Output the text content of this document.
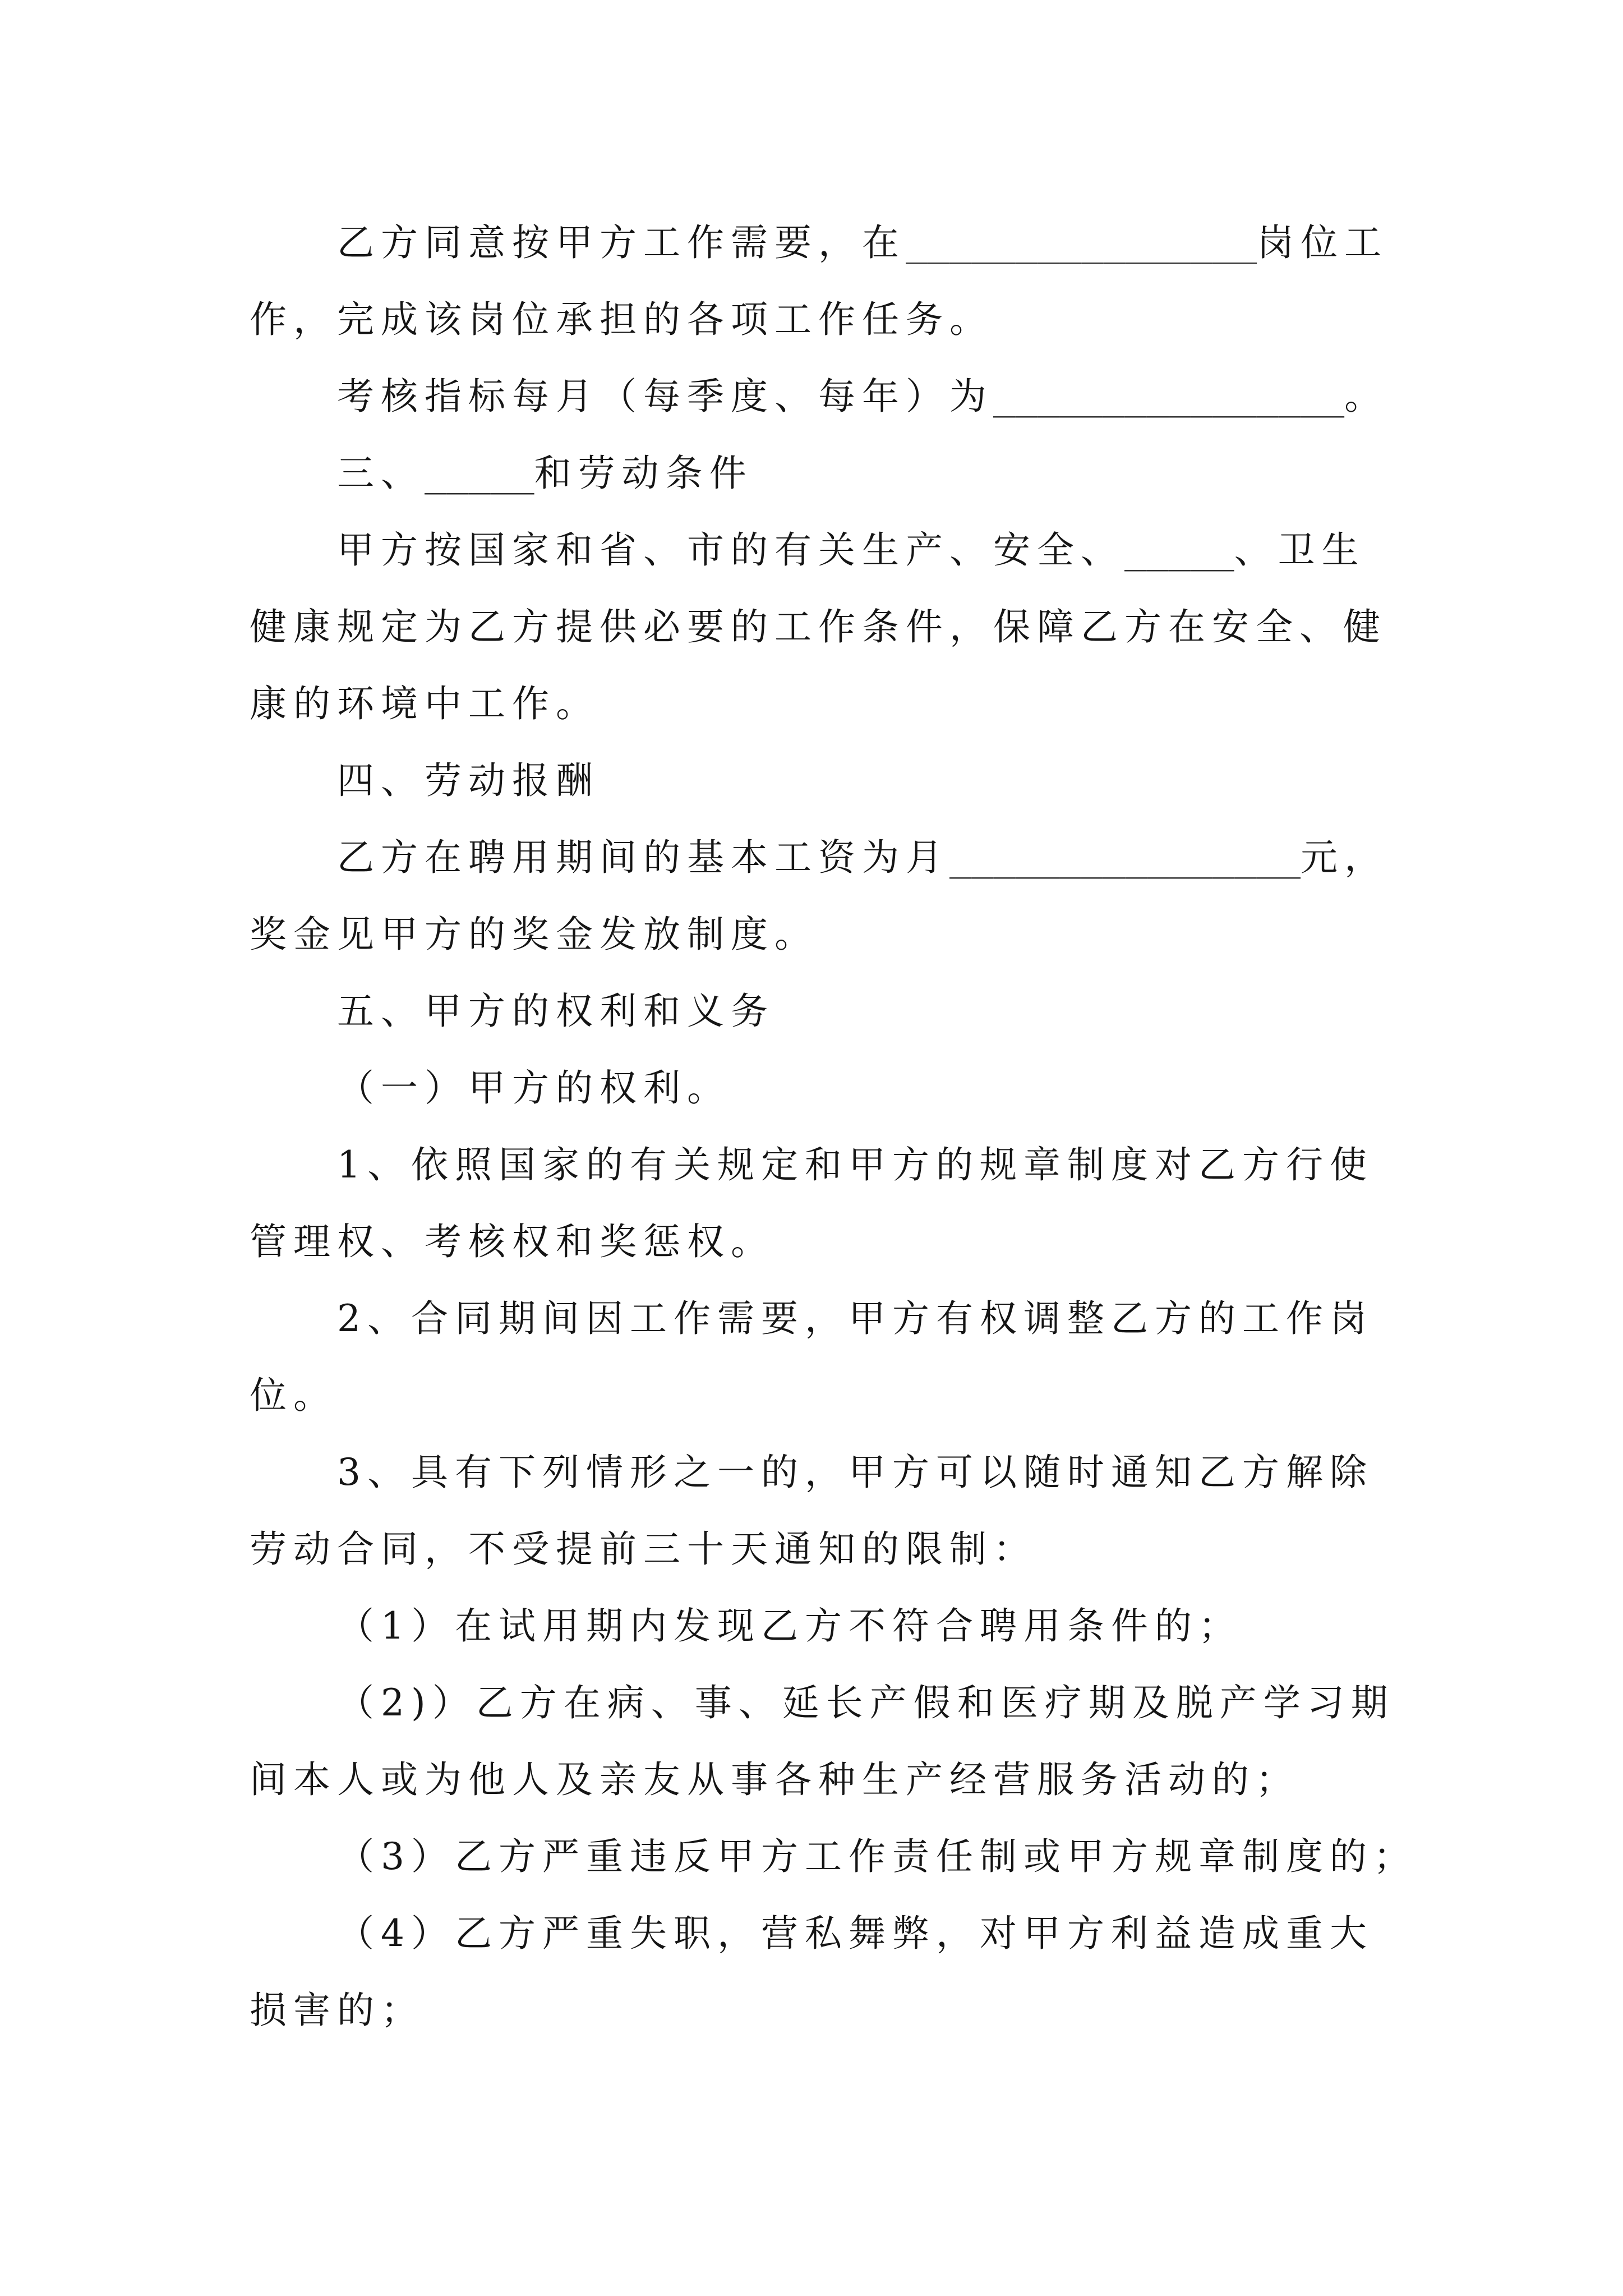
乙方同意按甲方工作需要，在________________岗位工
作，完成该岗位承担的各项工作任务。
考核指标每月（每季度、每年）为________________。
三、_____和劳动条件
甲方按国家和省、市的有关生产、安全、_____、卫生
健康规定为乙方提供必要的工作条件，保障乙方在安全、健
康的环境中工作。
四、劳动报酬
乙方在聘用期间的基本工资为月________________元，
奖金见甲方的奖金发放制度。
五、甲方的权利和义务
（一）甲方的权利。
1、依照国家的有关规定和甲方的规章制度对乙方行使
管理权、考核权和奖惩权。
2、合同期间因工作需要，甲方有权调整乙方的工作岗
位。
3、具有下列情形之一的，甲方可以随时通知乙方解除
劳动合同，不受提前三十天通知的限制：
（1）在试用期内发现乙方不符合聘用条件的；
（2)）乙方在病、事、延长产假和医疗期及脱产学习期
间本人或为他人及亲友从事各种生产经营服务活动的；
（3）乙方严重违反甲方工作责任制或甲方规章制度的；
（4）乙方严重失职，营私舞弊，对甲方利益造成重大
损害的；
